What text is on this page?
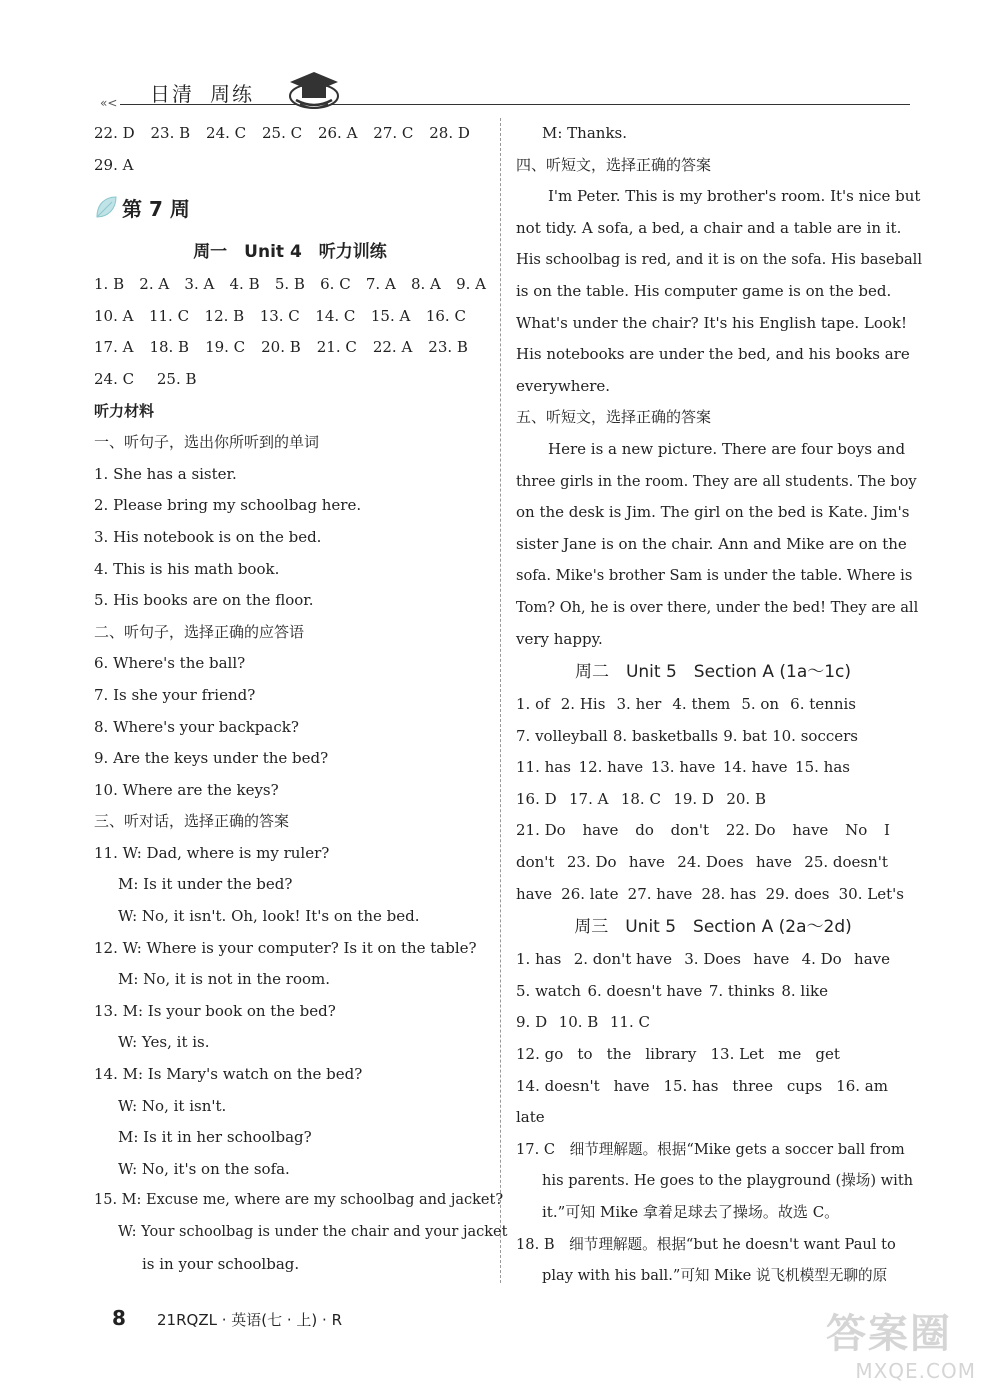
«< 日清 周练
22. D 23. B 24. C 25. C 26. A 27. C 28. D
29. A
第 7 周
周一　Unit 4　听力训练
1. B 2. A 3. A 4. B 5. B 6. C 7. A 8. A 9. A
10. A 11. C 12. B 13. C 14. C 15. A 16. C
17. A 18. B 19. C 20. B 21. C 22. A 23. B
24. C 25. B
听力材料
一、听句子，选出你所听到的单词
1. She has a sister.
2. Please bring my schoolbag here.
3. His notebook is on the bed.
4. This is his math book.
5. His books are on the floor.
二、听句子，选择正确的应答语
6. Where's the ball?
7. Is she your friend?
8. Where's your backpack?
9. Are the keys under the bed?
10. Where are the keys?
三、听对话，选择正确的答案
11. W: Dad, where is my ruler?
M: Is it under the bed?
W: No, it isn't. Oh, look! It's on the bed.
12. W: Where is your computer? Is it on the table?
M: No, it is not in the room.
13. M: Is your book on the bed?
W: Yes, it is.
14. M: Is Mary's watch on the bed?
W: No, it isn't.
M: Is it in her schoolbag?
W: No, it's on the sofa.
15. M: Excuse me, where are my schoolbag and jacket?
W: Your schoolbag is under the chair and your jacket
is in your schoolbag.
M: Thanks.
四、听短文，选择正确的答案
I'm Peter. This is my brother's room. It's nice but
not tidy. A sofa, a bed, a chair and a table are in it.
His schoolbag is red, and it is on the sofa. His baseball
is on the table. His computer game is on the bed.
What's under the chair? It's his English tape. Look!
His notebooks are under the bed, and his books are
everywhere.
五、听短文，选择正确的答案
Here is a new picture. There are four boys and
three girls in the room. They are all students. The boy
on the desk is Jim. The girl on the bed is Kate. Jim's
sister Jane is on the chair. Ann and Mike are on the
sofa. Mike's brother Sam is under the table. Where is
Tom? Oh, he is over there, under the bed! They are all
very happy.
周二　Unit 5　Section A (1a～1c)
1. of 2. His 3. her 4. them 5. on 6. tennis
7. volleyball 8. basketballs 9. bat 10. soccers
11. has 12. have 13. have 14. have 15. has
16. D 17. A 18. C 19. D 20. B
21. Do have do don't 22. Do have No I
don't 23. Do have 24. Does have 25. doesn't
have 26. late 27. have 28. has 29. does 30. Let's
周三　Unit 5　Section A (2a～2d)
1. has 2. don't have 3. Does have 4. Do have
5. watch 6. doesn't have 7. thinks 8. like
9. D 10. B 11. C
12. go to the library 13. Let me get
14. doesn't have 15. has three cups 16. am
late
17. C　细节理解题。根据“Mike gets a soccer ball from
his parents. He goes to the playground (操场) with
it.”可知 Mike 拿着足球去了操场。故选 C。
18. B　细节理解题。根据“but he doesn't want Paul to
play with his ball.”可知 Mike 说飞机模型无聊的原
8 21RQZL · 英语(七 · 上) · R	答案圈
MXQE.COM
